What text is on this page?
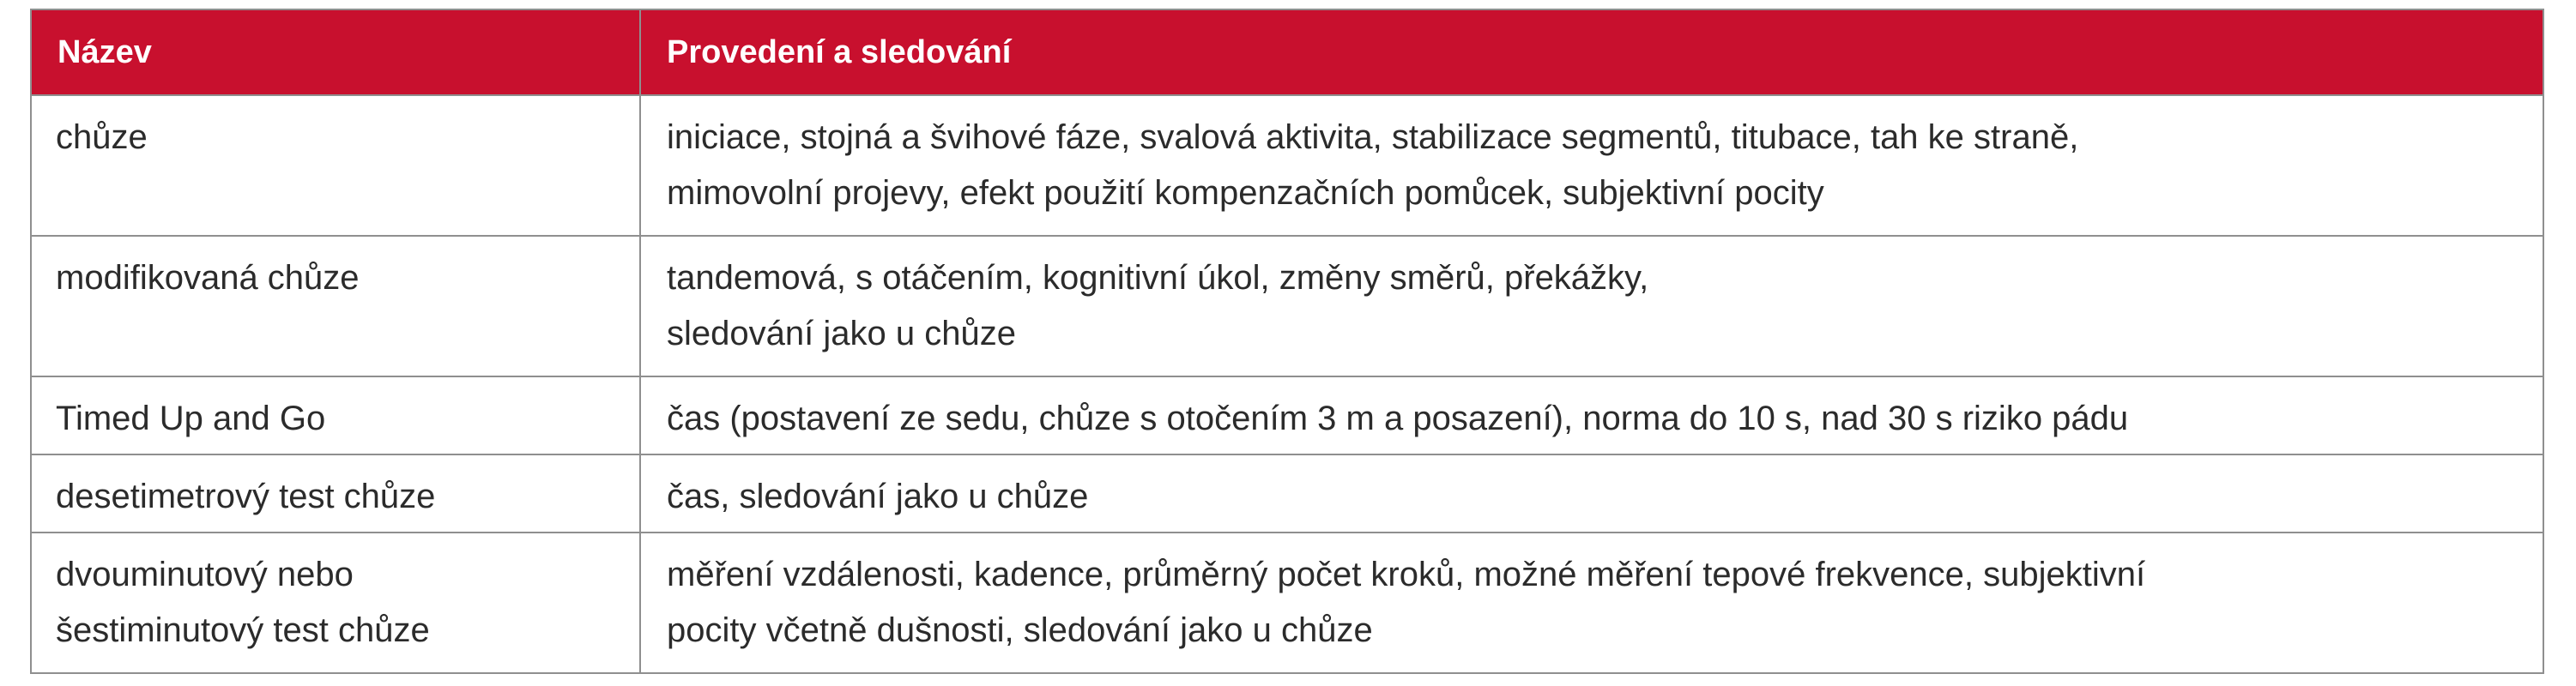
Název	Provedení a sledování

chůze	iniciace, stojná a švihové fáze, svalová aktivita, stabilizace segmentů, titubace, tah ke straně,
mimovolní projevy, efekt použití kompenzačních pomůcek, subjektivní pocity

modifikovaná chůze	tandemová, s otáčením, kognitivní úkol, změny směrů, překážky,
sledování jako u chůze

Timed Up and Go	čas (postavení ze sedu, chůze s otočením 3 m a posazení), norma do 10 s, nad 30 s riziko pádu

desetimetrový test chůze	čas, sledování jako u chůze

dvouminutový nebo
šestiminutový test chůze	měření vzdálenosti, kadence, průměrný počet kroků, možné měření tepové frekvence, subjektivní
pocity včetně dušnosti, sledování jako u chůze
